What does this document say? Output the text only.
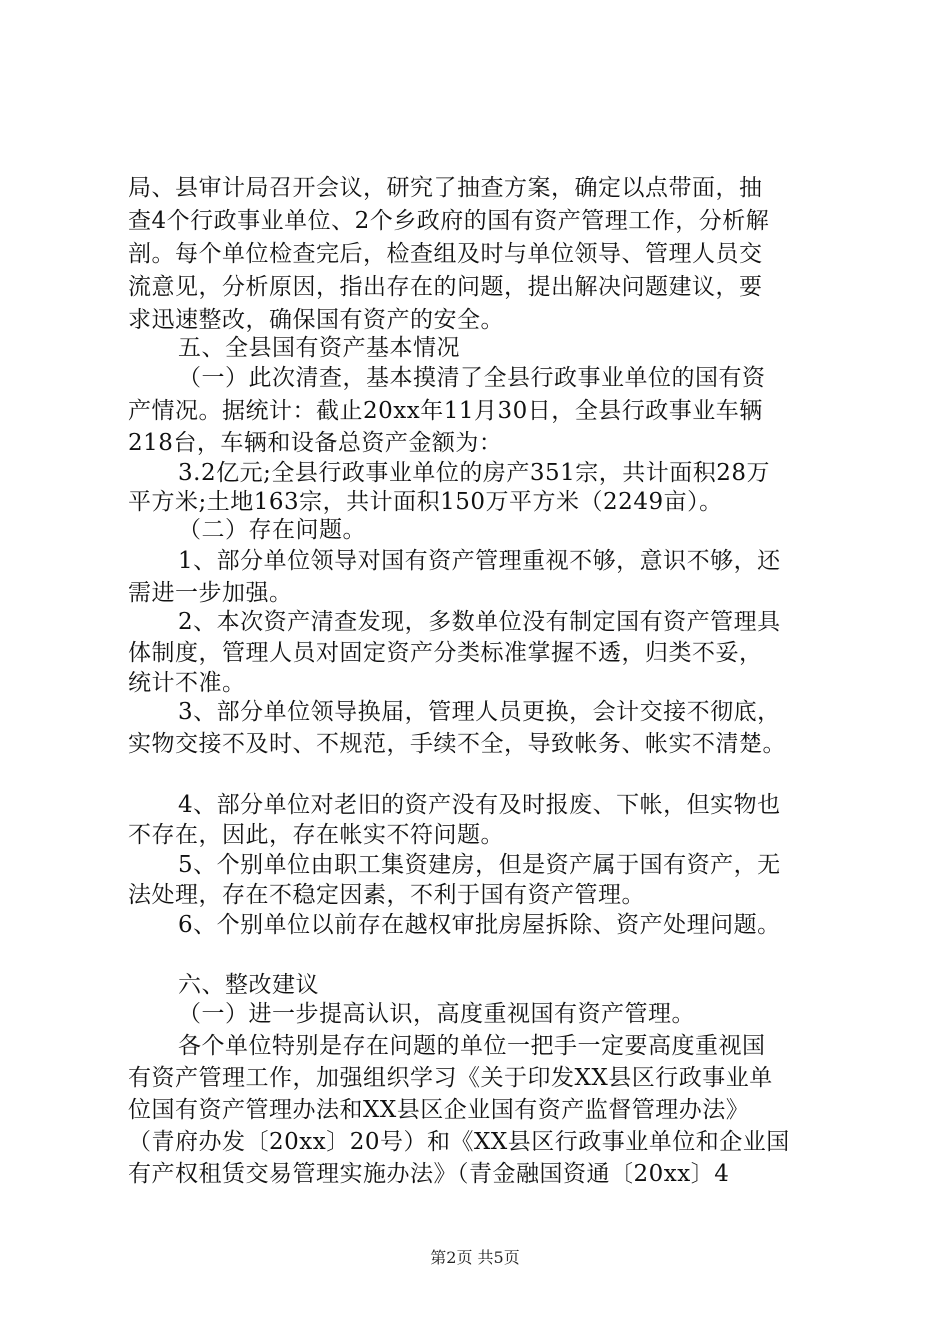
局、县审计局召开会议，研究了抽查方案，确定以点带面，抽
查4个行政事业单位、2个乡政府的国有资产管理工作，分析解
剖。每个单位检查完后，检查组及时与单位领导、管理人员交
流意见，分析原因，指出存在的问题，提出解决问题建议，要
求迅速整改，确保国有资产的安全。
五、全县国有资产基本情况
（一）此次清查，基本摸清了全县行政事业单位的国有资
产情况。据统计：截止20xx年11月30日，全县行政事业车辆
218台，车辆和设备总资产金额为：
3.2亿元;全县行政事业单位的房产351宗，共计面积28万
平方米;土地163宗，共计面积150万平方米（2249亩）。
（二）存在问题。
1、部分单位领导对国有资产管理重视不够，意识不够，还
需进一步加强。
2、本次资产清查发现，多数单位没有制定国有资产管理具
体制度，管理人员对固定资产分类标准掌握不透，归类不妥，
统计不准。
3、部分单位领导换届，管理人员更换，会计交接不彻底，
实物交接不及时、不规范，手续不全，导致帐务、帐实不清楚。
4、部分单位对老旧的资产没有及时报废、下帐，但实物也
不存在，因此，存在帐实不符问题。
5、个别单位由职工集资建房，但是资产属于国有资产，无
法处理，存在不稳定因素，不利于国有资产管理。
6、个别单位以前存在越权审批房屋拆除、资产处理问题。
六、整改建议
（一）进一步提高认识，高度重视国有资产管理。
各个单位特别是存在问题的单位一把手一定要高度重视国
有资产管理工作，加强组织学习《关于印发XX县区行政事业单
位国有资产管理办法和XX县区企业国有资产监督管理办法》
（青府办发〔20xx〕20号）和《XX县区行政事业单位和企业国
有产权租赁交易管理实施办法》（青金融国资通〔20xx〕4
第2页 共5页
